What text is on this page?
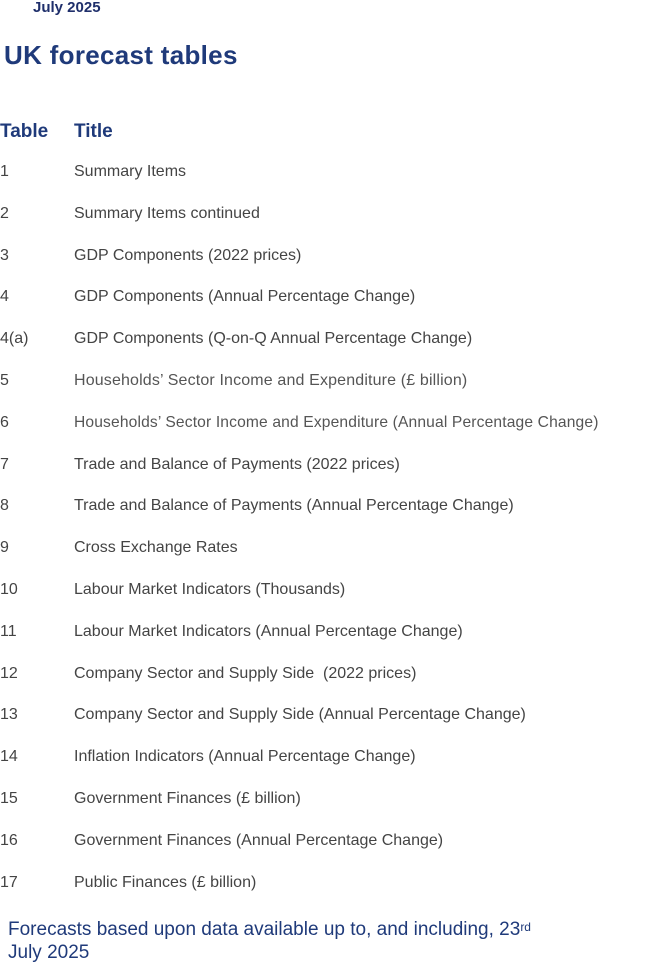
July 2025
UK forecast tables
Table Title
1	Summary Items
2	Summary Items continued
3	GDP Components (2022 prices)
4	GDP Components (Annual Percentage Change)
4(a)	GDP Components (Q-on-Q Annual Percentage Change)
5	Households’ Sector Income and Expenditure (£ billion)
6	Households’ Sector Income and Expenditure (Annual Percentage Change)
7	Trade and Balance of Payments (2022 prices)
8	Trade and Balance of Payments (Annual Percentage Change)
9	Cross Exchange Rates
10	Labour Market Indicators (Thousands)
11	Labour Market Indicators (Annual Percentage Change)
12	Company Sector and Supply Side  (2022 prices)
13	Company Sector and Supply Side (Annual Percentage Change)
14	Inflation Indicators (Annual Percentage Change)
15	Government Finances (£ billion)
16	Government Finances (Annual Percentage Change)
17	Public Finances (£ billion)
Forecasts based upon data available up to, and including, 23rd
July 2025
